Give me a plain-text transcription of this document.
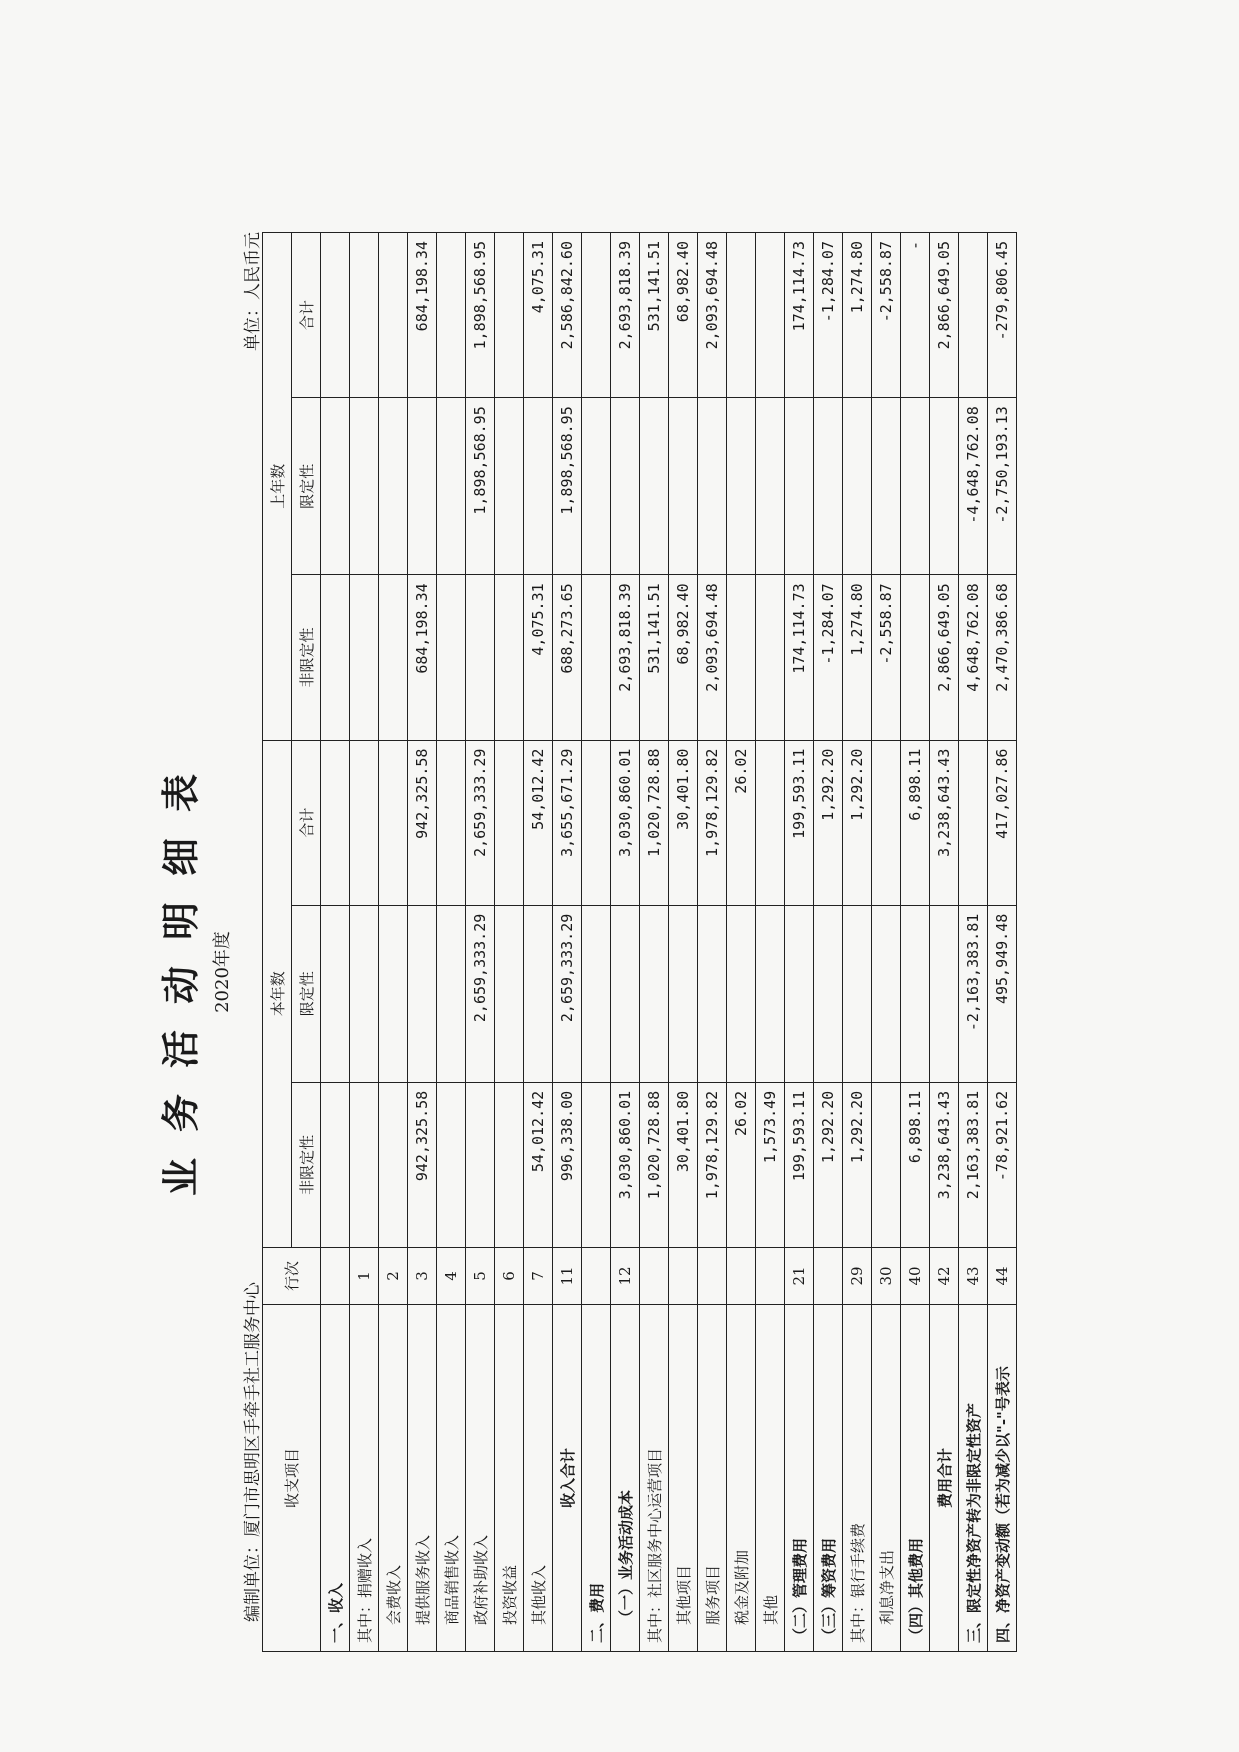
业务活动明细表 2020年度
编制单位：厦门市思明区手牵手社工服务中心
单位：人民币元
收支项目	行次	本年数			上年数		
		非限定性	限定性	合计	非限定性	限定性	合计
一、收入							
其中：捐赠收入	1						
会费收入	2						
提供服务收入	3	942,325.58		942,325.58	684,198.34		684,198.34
商品销售收入	4						
政府补助收入	5		2,659,333.29	2,659,333.29		1,898,568.95	1,898,568.95
投资收益	6						
其他收入	7	54,012.42		54,012.42	4,075.31		4,075.31
收入合计	11	996,338.00	2,659,333.29	3,655,671.29	688,273.65	1,898,568.95	2,586,842.60
二、费用							
（一）业务活动成本	12	3,030,860.01		3,030,860.01	2,693,818.39		2,693,818.39
其中：社区服务中心运营项目		1,020,728.88		1,020,728.88	531,141.51		531,141.51
其他项目		30,401.80		30,401.80	68,982.40		68,982.40
服务项目		1,978,129.82		1,978,129.82	2,093,694.48		2,093,694.48
税金及附加		26.02		26.02			
其他		1,573.49					
（二）管理费用	21	199,593.11		199,593.11	174,114.73		174,114.73
（三）筹资费用		1,292.20		1,292.20	-1,284.07		-1,284.07
其中：银行手续费	29	1,292.20		1,292.20	1,274.80		1,274.80
利息净支出	30				-2,558.87		-2,558.87
（四）其他费用	40	6,898.11		6,898.11			-
费用合计	42	3,238,643.43		3,238,643.43	2,866,649.05		2,866,649.05
三、限定性净资产转为非限定性资产	43	2,163,383.81	-2,163,383.81		4,648,762.08	-4,648,762.08	
四、净资产变动额（若为减少以"-"号表示	44	-78,921.62	495,949.48	417,027.86	2,470,386.68	-2,750,193.13	-279,806.45
